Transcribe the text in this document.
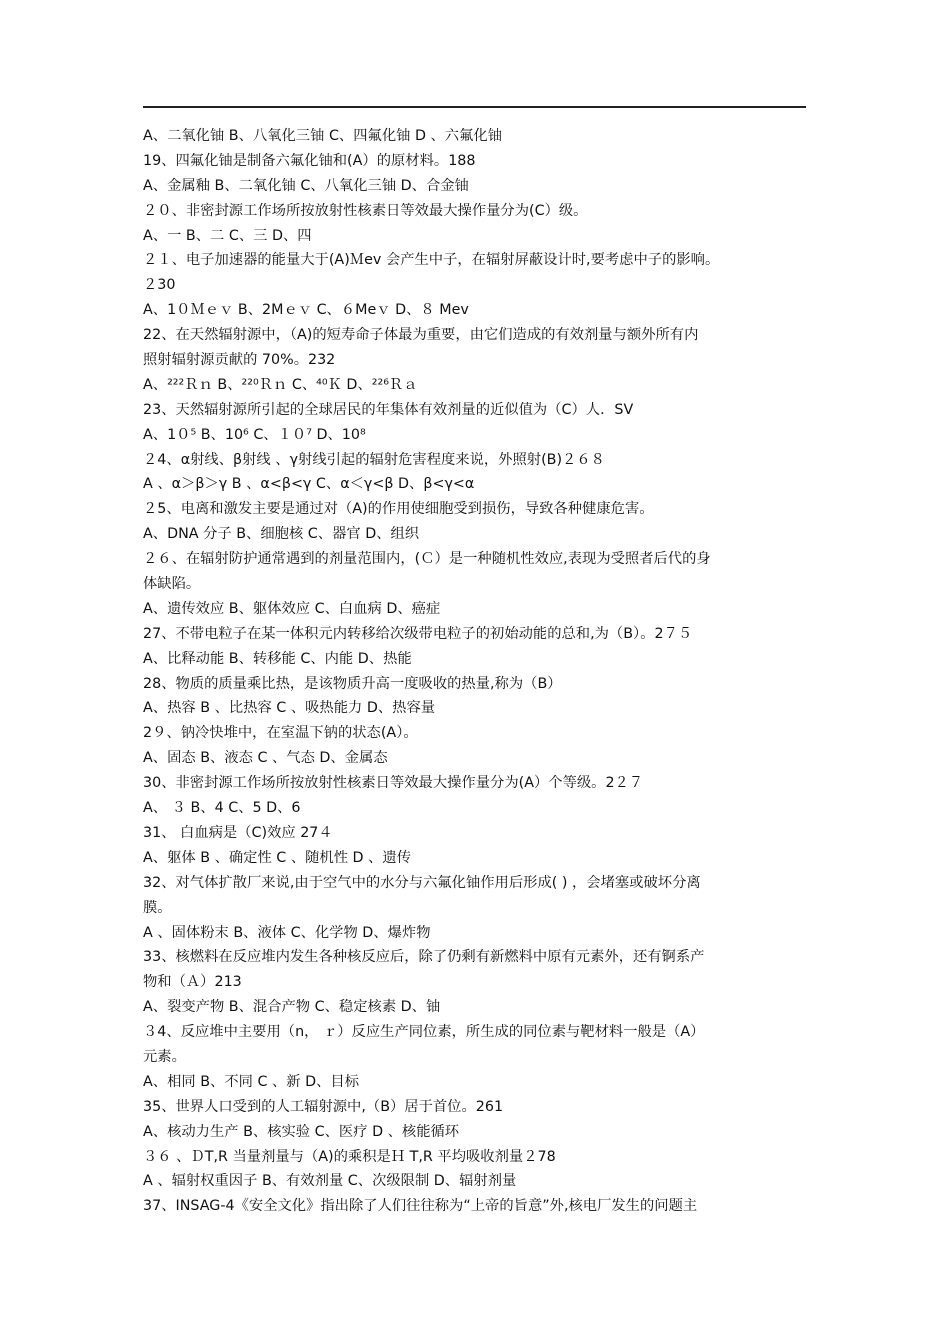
A、二氧化铀 B、八氧化三铀 C、四氟化铀 D 、六氟化铀
19、四氟化铀是制备六氟化铀和(A）的原材料。188
A、金属釉 B、二氧化铀 C、八氧化三铀 D、合金铀
２０、非密封源工作场所按放射性核素日等效最大操作量分为(C）级。
A、一 B、二 C、三 D、四
２１、电子加速器的能量大于(A)Ｍev 会产生中子，在辐射屏蔽设计时,要考虑中子的影响。
２30
A、1０Ｍｅｖ B、2Mｅｖ C、６Meｖ D、８ Mev
22、在天然辐射源中，（A)的短寿命子体最为重要，由它们造成的有效剂量与额外所有内
照射辐射源贡献的 70%。232
A、²²²Ｒｎ B、²²⁰Ｒｎ C、⁴⁰Ｋ D、²²⁶Ｒａ
23、天然辐射源所引起的全球居民的年集体有效剂量的近似值为（C）人．SV
A、1０⁵ B、10⁶ C、１０⁷ D、10⁸
２4、α射线、β射线 、γ射线引起的辐射危害程度来说，外照射(B)２６８
A 、α＞β＞γ B 、α<β<γ C、α＜γ<β D、β<γ<α
２5、电离和激发主要是通过对（A)的作用使细胞受到损伤，导致各种健康危害。
A、DNA 分子 B、细胞核 C、器官 D、组织
２６、在辐射防护通常遇到的剂量范围内，(Ｃ）是一种随机性效应,表现为受照者后代的身
体缺陷。
A、遗传效应 B、躯体效应 C、白血病 D、癌症
27、不带电粒子在某一体积元内转移给次级带电粒子的初始动能的总和,为（B）。2７５
A、比释动能 B、转移能 C、内能 D、热能
28、物质的质量乘比热，是该物质升高一度吸收的热量,称为（B）
A、热容 B 、比热容 C 、吸热能力 D、热容量
2９、钠冷快堆中，在室温下钠的状态(A）。
A、固态 B、液态 C 、气态 D、金属态
30、非密封源工作场所按放射性核素日等效最大操作量分为(A）个等级。2２７
A、 ３ B、4 C、5 D、6
31、 白血病是（C)效应 27４
A、躯体 B 、确定性 C 、随机性 D 、遗传
32、对气体扩散厂来说,由于空气中的水分与六氟化铀作用后形成( ) ，会堵塞或破坏分离
膜。
A 、固体粉末 B、液体 C、化学物 D、爆炸物
33、核燃料在反应堆内发生各种核反应后，除了仍剩有新燃料中原有元素外，还有锕系产
物和（Ａ）213
A、裂变产物 B、混合产物 C、稳定核素 D、铀
３4、反应堆中主要用（n， ｒ）反应生产同位素，所生成的同位素与靶材料一般是（A）
元素。
A、相同 B、不同 C 、新 D、目标
35、世界人口受到的人工辐射源中,（B）居于首位。261
A、核动力生产 B、核实验 C、医疗 D 、核能循环
３６ 、ＤT,R 当量剂量与（A)的乘积是Ｈ T,R 平均吸收剂量２78
A 、辐射权重因子 B、有效剂量 C、次级限制 D、辐射剂量
37、INSAG-4《安全文化》指出除了人们往往称为“上帝的旨意”外,核电厂发生的问题主
